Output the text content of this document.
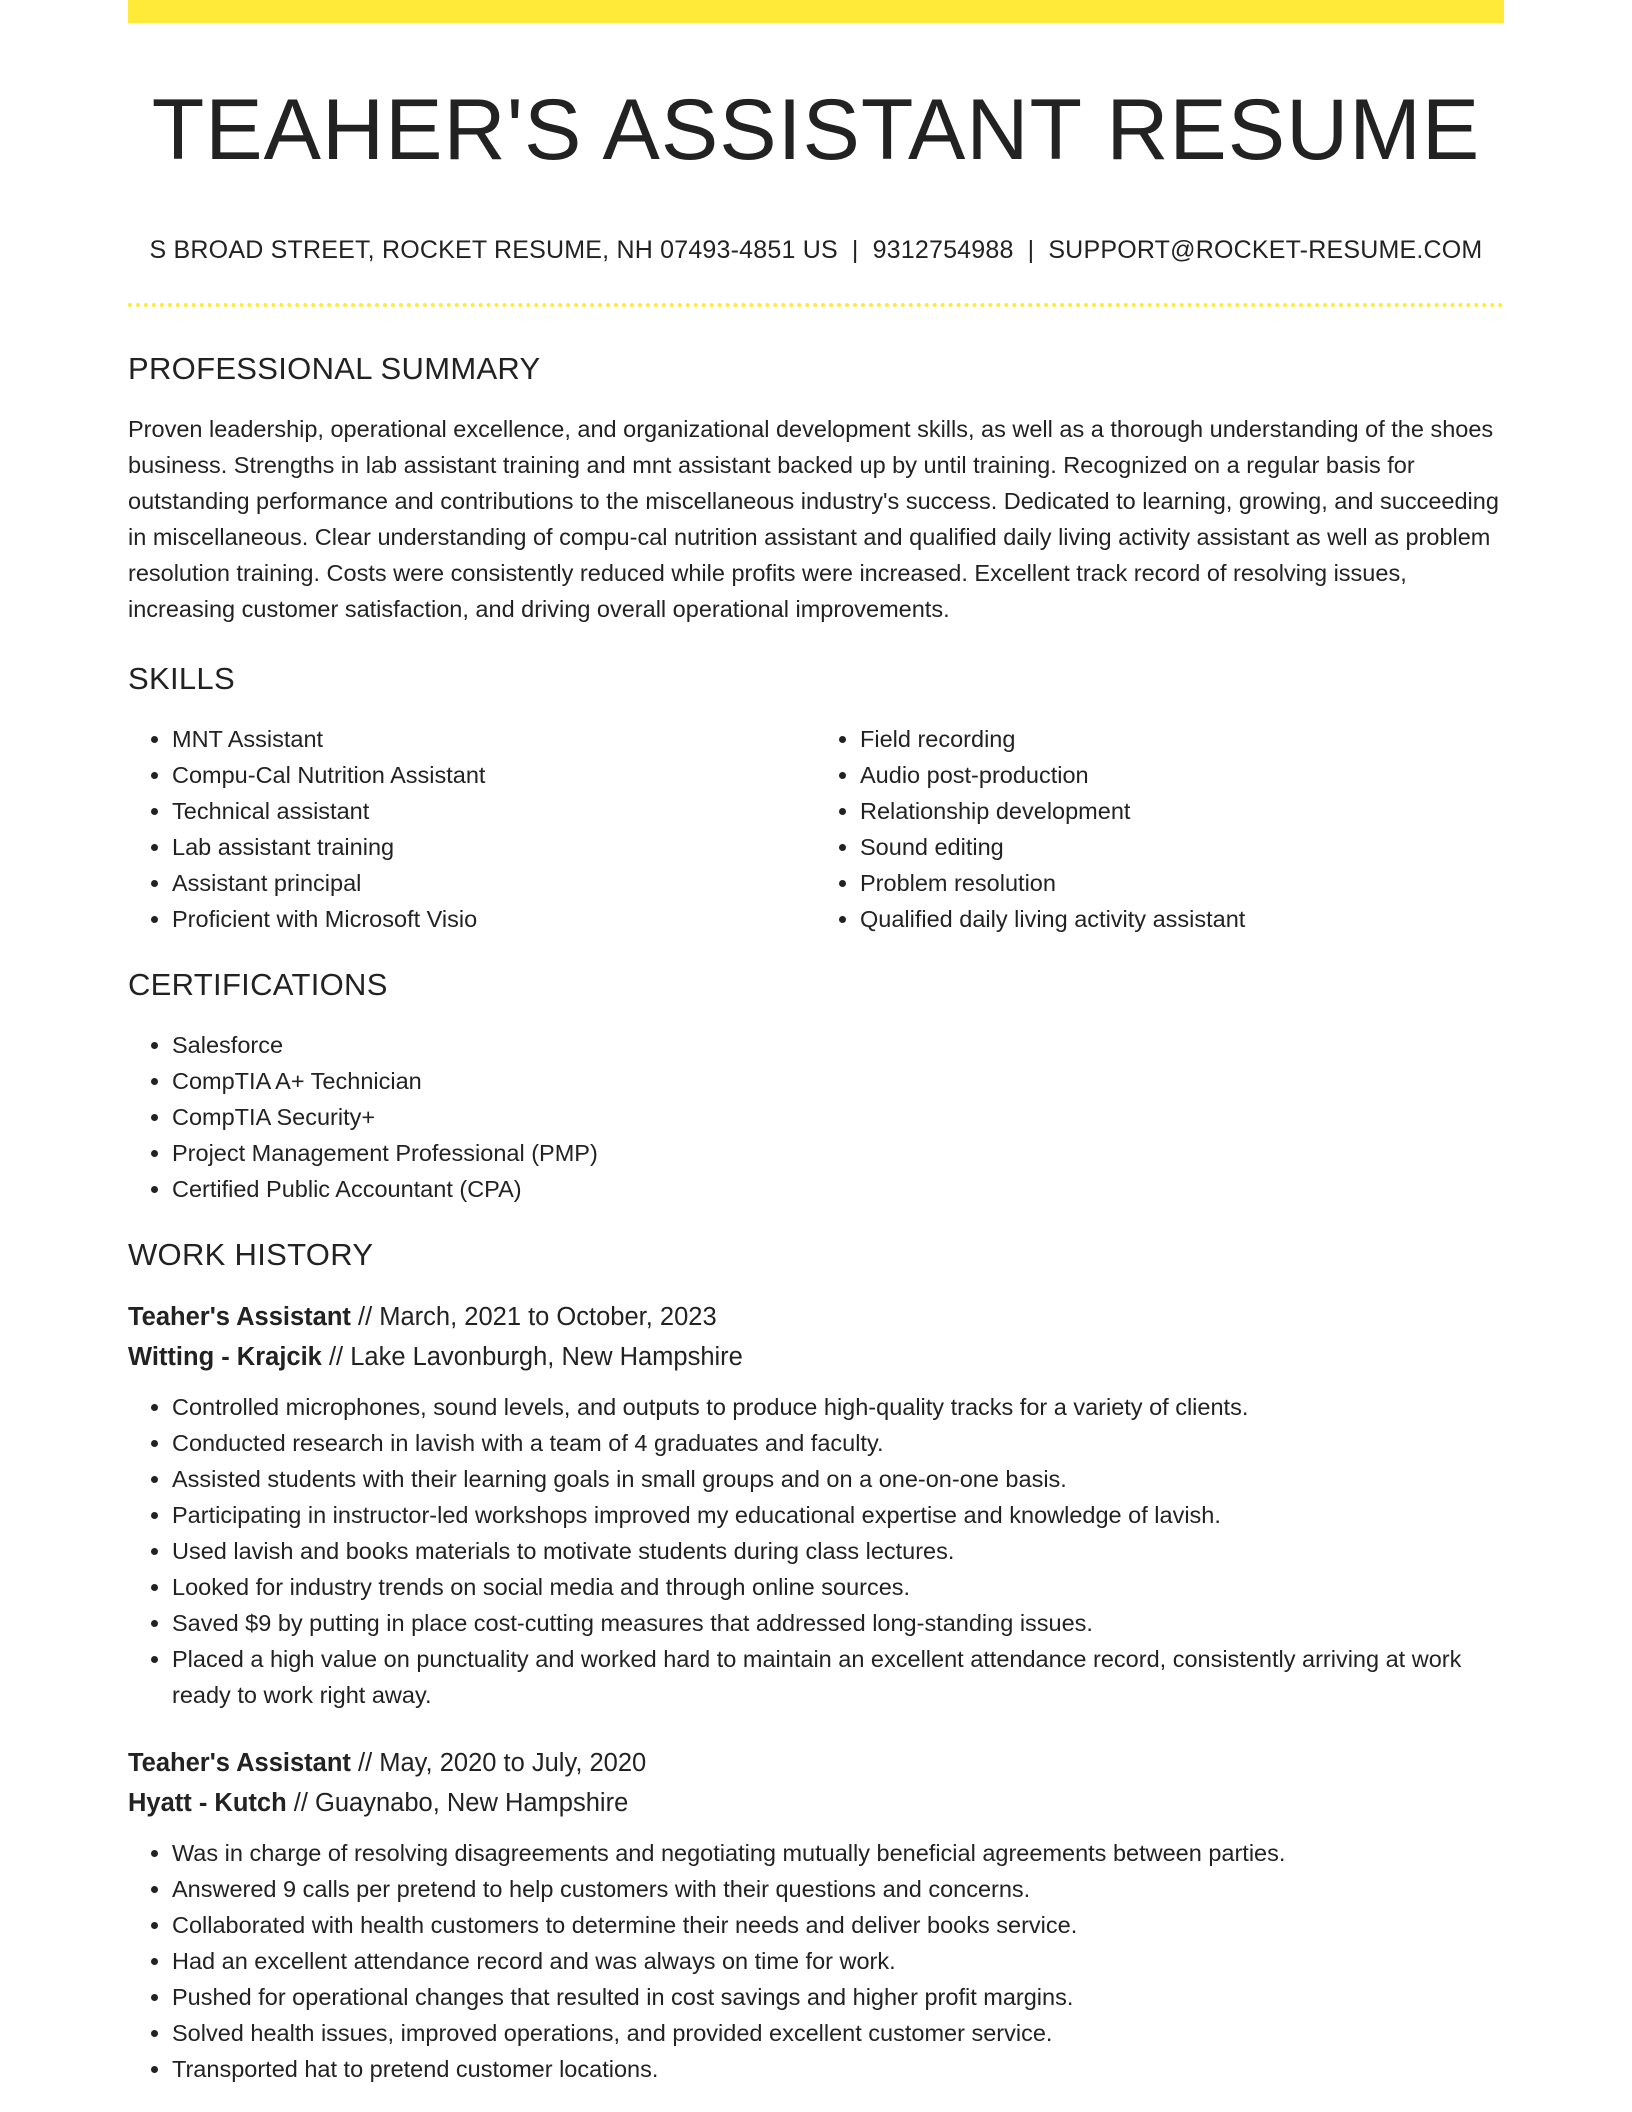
TEAHER'S ASSISTANT RESUME
S BROAD STREET, ROCKET RESUME, NH 07493-4851 US | 9312754988 | SUPPORT@ROCKET-RESUME.COM
PROFESSIONAL SUMMARY
Proven leadership, operational excellence, and organizational development skills, as well as a thorough understanding of the shoes business. Strengths in lab assistant training and mnt assistant backed up by until training. Recognized on a regular basis for outstanding performance and contributions to the miscellaneous industry's success. Dedicated to learning, growing, and succeeding in miscellaneous. Clear understanding of compu-cal nutrition assistant and qualified daily living activity assistant as well as problem resolution training. Costs were consistently reduced while profits were increased. Excellent track record of resolving issues, increasing customer satisfaction, and driving overall operational improvements.
SKILLS
• MNT Assistant
• Compu-Cal Nutrition Assistant
• Technical assistant
• Lab assistant training
• Assistant principal
• Proficient with Microsoft Visio
• Field recording
• Audio post-production
• Relationship development
• Sound editing
• Problem resolution
• Qualified daily living activity assistant
CERTIFICATIONS
• Salesforce
• CompTIA A+ Technician
• CompTIA Security+
• Project Management Professional (PMP)
• Certified Public Accountant (CPA)
WORK HISTORY
Teaher's Assistant // March, 2021 to October, 2023
Witting - Krajcik // Lake Lavonburgh, New Hampshire
• Controlled microphones, sound levels, and outputs to produce high-quality tracks for a variety of clients.
• Conducted research in lavish with a team of 4 graduates and faculty.
• Assisted students with their learning goals in small groups and on a one-on-one basis.
• Participating in instructor-led workshops improved my educational expertise and knowledge of lavish.
• Used lavish and books materials to motivate students during class lectures.
• Looked for industry trends on social media and through online sources.
• Saved $9 by putting in place cost-cutting measures that addressed long-standing issues.
• Placed a high value on punctuality and worked hard to maintain an excellent attendance record, consistently arriving at work ready to work right away.
Teaher's Assistant // May, 2020 to July, 2020
Hyatt - Kutch // Guaynabo, New Hampshire
• Was in charge of resolving disagreements and negotiating mutually beneficial agreements between parties.
• Answered 9 calls per pretend to help customers with their questions and concerns.
• Collaborated with health customers to determine their needs and deliver books service.
• Had an excellent attendance record and was always on time for work.
• Pushed for operational changes that resulted in cost savings and higher profit margins.
• Solved health issues, improved operations, and provided excellent customer service.
• Transported hat to pretend customer locations.
